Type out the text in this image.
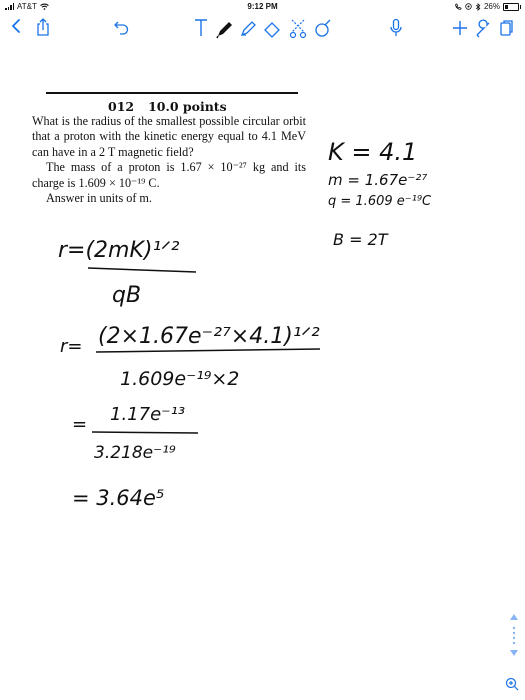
AT&T	9:12 PM	26%
012 10.0 points

What is the radius of the smallest possible circular orbit that a proton with the kinetic energy equal to 4.1 MeV can have in a 2 T magnetic field?

The mass of a proton is 1.67 × 10⁻²⁷ kg and its charge is 1.609 × 10⁻¹⁹ C.

Answer in units of m.

K = 4.1
m = 1.67e⁻²⁷
q = 1.609 e⁻¹⁹C
B = 2T
r=(2mK)¹ᐟ²
qB
r= (2×1.67e⁻²⁷×4.1)¹ᐟ²
1.609e⁻¹⁹×2
= 1.17e⁻¹³
3.218e⁻¹⁹
= 3.64e⁵
